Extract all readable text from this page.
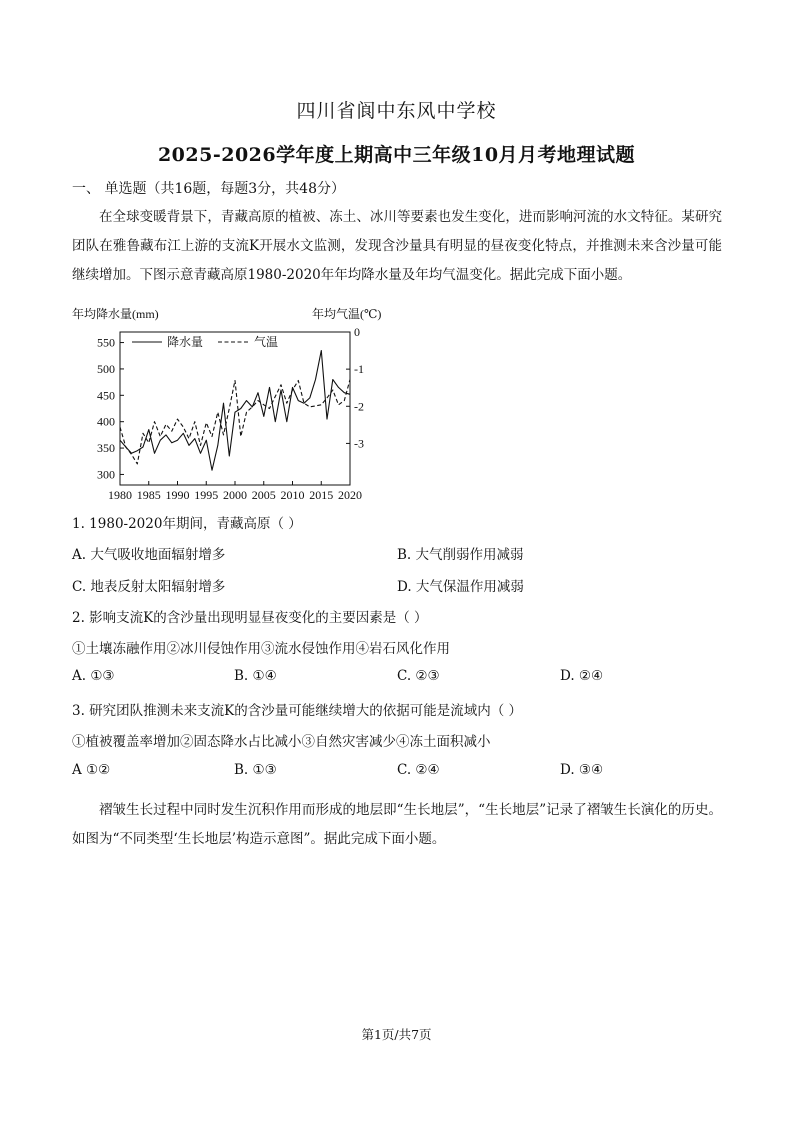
四川省阆中东风中学校
2025-2026学年度上期高中三年级10月月考地理试题
一、 单选题（共16题，每题3分，共48分）
在全球变暖背景下，青藏高原的植被、冻土、冰川等要素也发生变化，进而影响河流的水文特征。某研究团队在雅鲁藏布江上游的支流K开展水文监测，发现含沙量具有明显的昼夜变化特点，并推测未来含沙量可能继续增加。下图示意青藏高原1980-2020年年均降水量及年均气温变化。据此完成下面小题。
年均降水量(mm)	年均气温(℃)
300
350
400
450
500
550
0
-1
-2
-3
1980 1985 1990 1995 2000 2005 2010 2015 2020
降水量	气温
1. 1980-2020年期间，青藏高原（ ）
A. 大气吸收地面辐射增多	B. 大气削弱作用减弱
C. 地表反射太阳辐射增多	D. 大气保温作用减弱
2. 影响支流K的含沙量出现明显昼夜变化的主要因素是（ ）
①土壤冻融作用②冰川侵蚀作用③流水侵蚀作用④岩石风化作用
A. ①③	B. ①④	C. ②③	D. ②④
3. 研究团队推测未来支流K的含沙量可能继续增大的依据可能是流域内（ ）
①植被覆盖率增加②固态降水占比减小③自然灾害减少④冻土面积减小
A ①②	B. ①③	C. ②④	D. ③④
褶皱生长过程中同时发生沉积作用而形成的地层即“生长地层”，“生长地层”记录了褶皱生长演化的历史。如图为“不同类型‘生长地层’构造示意图”。据此完成下面小题。
第1页/共7页
